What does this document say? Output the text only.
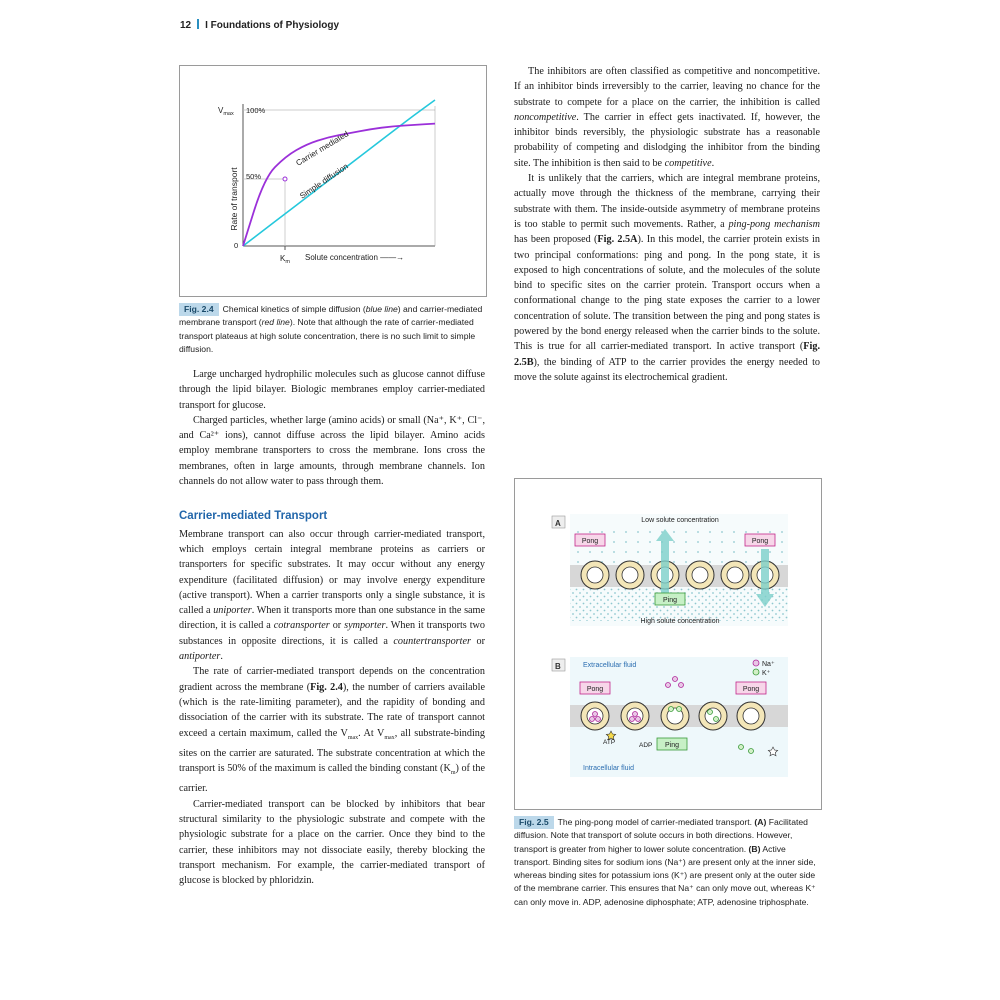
12 I Foundations of Physiology
Rate of transport
$V_{max}$ 100%
50%
0
Carrier mediated
Simple diffusion
$K_m$ Solute concentration ——→
Fig. 2.4 Chemical kinetics of simple diffusion (blue line) and carrier-mediated membrane transport (red line). Note that although the rate of carrier-mediated transport plateaus at high solute concentration, there is no such limit to simple diffusion.

Large uncharged hydrophilic molecules such as glucose cannot diffuse through the lipid bilayer. Biologic membranes employ carrier-mediated transport for glucose.

Charged particles, whether large (amino acids) or small (Na⁺, K⁺, Cl⁻, and Ca²⁺ ions), cannot diffuse across the lipid bilayer. Amino acids employ membrane transporters to cross the membrane. Ions cross the membranes, often in large amounts, through membrane channels. Ion channels do not allow water to pass through them.

Carrier-mediated Transport

Membrane transport can also occur through carrier-mediated transport, which employs certain integral membrane proteins as carriers or transporters for specific substrates. It may occur without any energy expenditure (facilitated diffusion) or may involve energy expenditure (active transport). When a carrier transports only a single substance, it is called a uniporter. When it transports more than one substance in the same direction, it is called a cotransporter or symporter. When it transports two substances in opposite directions, it is called a countertransporter or antiporter.

The rate of carrier-mediated transport depends on the concentration gradient across the membrane (Fig. 2.4), the number of carriers available (which is the rate-limiting parameter), and the rapidity of bonding and dissociation of the carrier with its substrate. The rate of transport cannot exceed a certain maximum, called the $V_{max}$. At $V_{max}$, all substrate-binding sites on the carrier are saturated. The substrate concentration at which the transport is 50% of the maximum is called the binding constant $(K_m)$ of the carrier.

Carrier-mediated transport can be blocked by inhibitors that bear structural similarity to the physiologic substrate and compete with the physiologic substrate for a place on the carrier. Once they bind to the carrier, these inhibitors may not dissociate easily, thereby blocking the transport mechanism. For example, the carrier-mediated transport of glucose is blocked by phloridzin.

The inhibitors are often classified as competitive and noncompetitive. If an inhibitor binds irreversibly to the carrier, leaving no chance for the substrate to compete for a place on the carrier, the inhibition is called noncompetitive. The carrier in effect gets inactivated. If, however, the inhibitor binds reversibly, the physiologic substrate has a reasonable probability of competing and dislodging the inhibitor from the binding site. The inhibition is then said to be competitive.

It is unlikely that the carriers, which are integral membrane proteins, actually move through the thickness of the membrane, carrying their substrate with them. The inside-outside asymmetry of membrane proteins is too stable to permit such movements. Rather, a ping-pong mechanism has been proposed (Fig. 2.5A). In this model, the carrier protein exists in two principal conformations: ping and pong. In the pong state, it is exposed to high concentrations of solute, and the molecules of the solute bind to specific sites on the carrier protein. Transport occurs when a conformational change to the ping state exposes the carrier to a lower concentration of solute. The transition between the ping and pong states is powered by the bond energy released when the carrier binds to the solute. This is true for all carrier-mediated transport. In active transport (Fig. 2.5B), the binding of ATP to the carrier provides the energy needed to move the solute against its electrochemical gradient.

A	Low solute concentration
High solute concentration
Pong	Pong
Ping
B	Extracellular fluid
Intracellular fluid
Na⁺
K⁺
Pong	Pong
Ping
ATP	ADP
Fig. 2.5 The ping-pong model of carrier-mediated transport. (A) Facilitated diffusion. Note that transport of solute occurs in both directions. However, transport is greater from higher to lower solute concentration. (B) Active transport. Binding sites for sodium ions (Na⁺) are present only at the inner side, whereas binding sites for potassium ions (K⁺) are present only at the outer side of the membrane carrier. This ensures that Na⁺ can only move out, whereas K⁺ can only move in. ADP, adenosine diphosphate; ATP, adenosine triphosphate.
